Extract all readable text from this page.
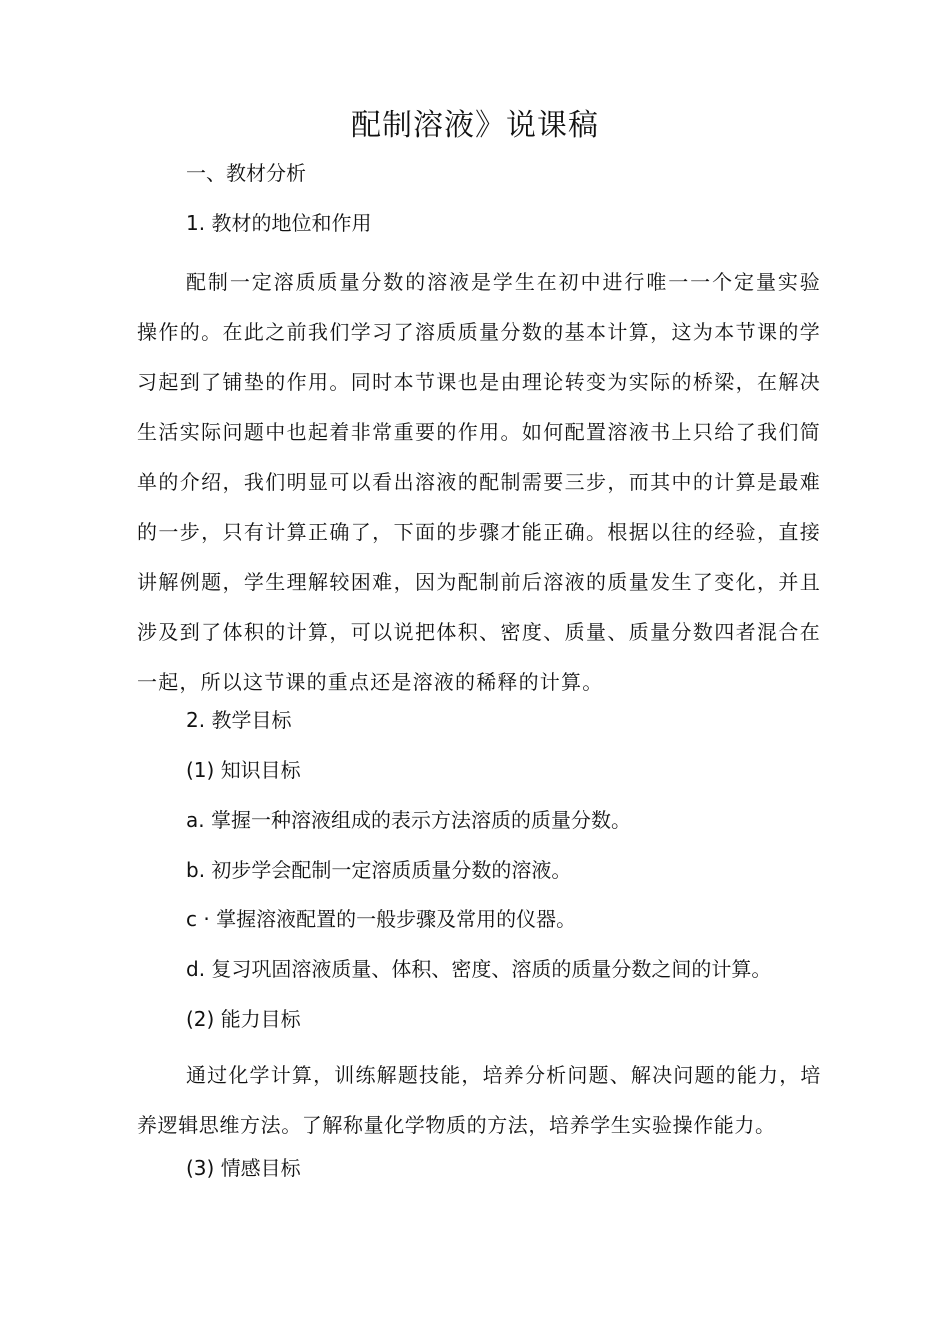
配制溶液》说课稿
一、教材分析
1. 教材的地位和作用

配制一定溶质质量分数的溶液是学生在初中进行唯一一个定量实验操作的。在此之前我们学习了溶质质量分数的基本计算，这为本节课的学习起到了铺垫的作用。同时本节课也是由理论转变为实际的桥梁，在解决生活实际问题中也起着非常重要的作用。如何配置溶液书上只给了我们简单的介绍，我们明显可以看出溶液的配制需要三步，而其中的计算是最难的一步，只有计算正确了，下面的步骤才能正确。根据以往的经验，直接讲解例题，学生理解较困难，因为配制前后溶液的质量发生了变化，并且涉及到了体积的计算，可以说把体积、密度、质量、质量分数四者混合在一起，所以这节课的重点还是溶液的稀释的计算。

2. 教学目标
(1) 知识目标
a. 掌握一种溶液组成的表示方法溶质的质量分数。
b. 初步学会配制一定溶质质量分数的溶液。
c · 掌握溶液配置的一般步骤及常用的仪器。
d. 复习巩固溶液质量、体积、密度、溶质的质量分数之间的计算。
(2) 能力目标

通过化学计算，训练解题技能，培养分析问题、解决问题的能力，培养逻辑思维方法。了解称量化学物质的方法，培养学生实验操作能力。

(3) 情感目标
